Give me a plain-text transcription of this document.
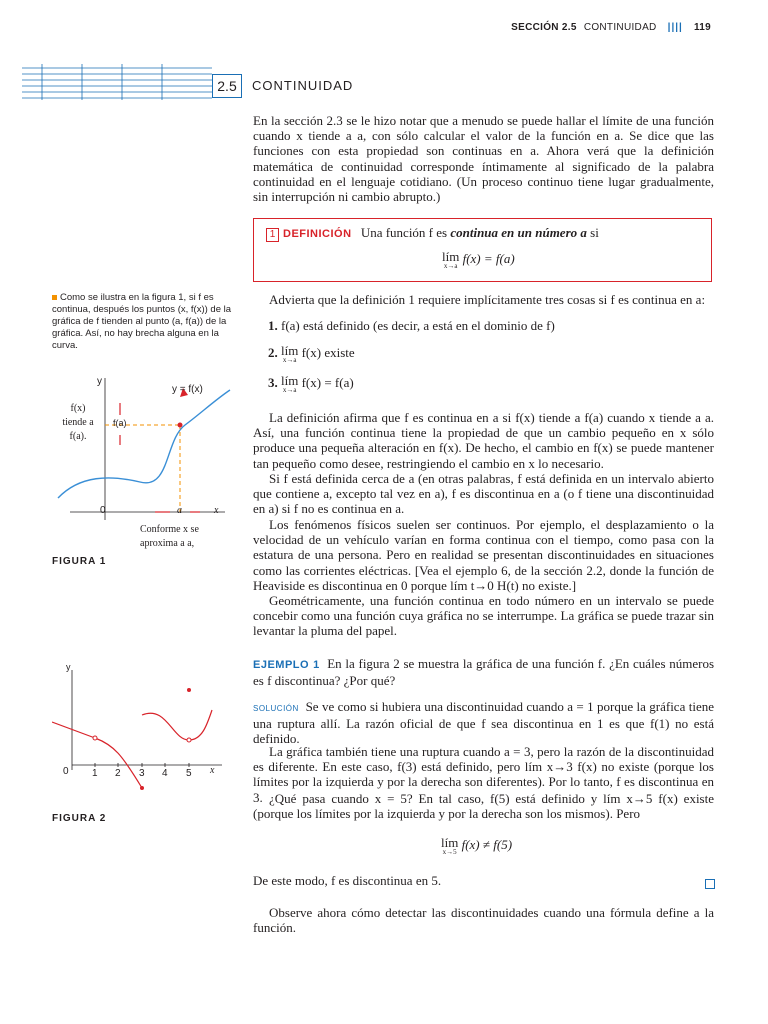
SECCIÓN 2.5 CONTINUIDAD |||| 119
2.5	CONTINUIDAD
En la sección 2.3 se le hizo notar que a menudo se puede hallar el límite de una función cuando x tiende a a, con sólo calcular el valor de la función en a. Se dice que las funciones con esta propiedad son continuas en a. Ahora verá que la definición matemática de continuidad corresponde íntimamente al significado de la palabra continuidad en el lenguaje cotidiano. (Un proceso continuo tiene lugar gradualmente, sin interrupción ni cambio abrupto.)
1 DEFINICIÓN Una función f es continua en un número a si
lím
x→a f(x) = f(a)
Como se ilustra en la figura 1, si f es continua, después los puntos (x, f(x)) de la gráfica de f tienden al punto (a, f(a)) de la gráfica. Así, no hay brecha alguna en la curva.
Advierta que la definición 1 requiere implícitamente tres cosas si f es continua en a:
1. f(a) está definido (es decir, a está en el dominio de f)
2. lím
x→a f(x) existe
3. lím
x→a f(x) = f(a)
La definición afirma que f es continua en a si f(x) tiende a f(a) cuando x tiende a a. Así, una función continua tiene la propiedad de que un cambio pequeño en x sólo produce una pequeña alteración en f(x). De hecho, el cambio en f(x) se puede mantener tan pequeño como desee, restringiendo el cambio en x lo necesario.
Si f está definida cerca de a (en otras palabras, f está definida en un intervalo abierto que contiene a, excepto tal vez en a), f es discontinua en a (o f tiene una discontinuidad en a) si f no es continua en a.
Los fenómenos físicos suelen ser continuos. Por ejemplo, el desplazamiento o la velocidad de un vehículo varían en forma continua con el tiempo, como pasa con la estatura de una persona. Pero en realidad se presentan discontinuidades en situaciones como las corrientes eléctricas. [Vea el ejemplo 6, de la sección 2.2, donde la función de Heaviside es discontinua en 0 porque lím t→0 H(t) no existe.]
Geométricamente, una función continua en todo número en un intervalo se puede concebir como una función cuya gráfica no se interrumpe. La gráfica se puede trazar sin levantar la pluma del papel.
y
y = f(x)
f(a)
f(x)
tiende a
f(a).
0	a	x
Conforme x se
aproxima a a,
FIGURA 1
y
0 1 2 3 4 5 x
FIGURA 2
EJEMPLO 1 En la figura 2 se muestra la gráfica de una función f. ¿En cuáles números es f discontinua? ¿Por qué?
SOLUCIÓN Se ve como si hubiera una discontinuidad cuando a = 1 porque la gráfica tiene una ruptura allí. La razón oficial de que f sea discontinua en 1 es que f(1) no está definido.
La gráfica también tiene una ruptura cuando a = 3, pero la razón de la discontinuidad es diferente. En este caso, f(3) está definido, pero lím x→3 f(x) no existe (porque los límites por la izquierda y por la derecha son diferentes). Por lo tanto, f es discontinua en 3. ¿Qué pasa cuando x = 5? En tal caso, f(5) está definido y lím x→5 f(x) existe (porque los límites por la izquierda y por la derecha son los mismos). Pero
lím
x→5 f(x) ≠ f(5)
De este modo, f es discontinua en 5.
Observe ahora cómo detectar las discontinuidades cuando una fórmula define a la función.
